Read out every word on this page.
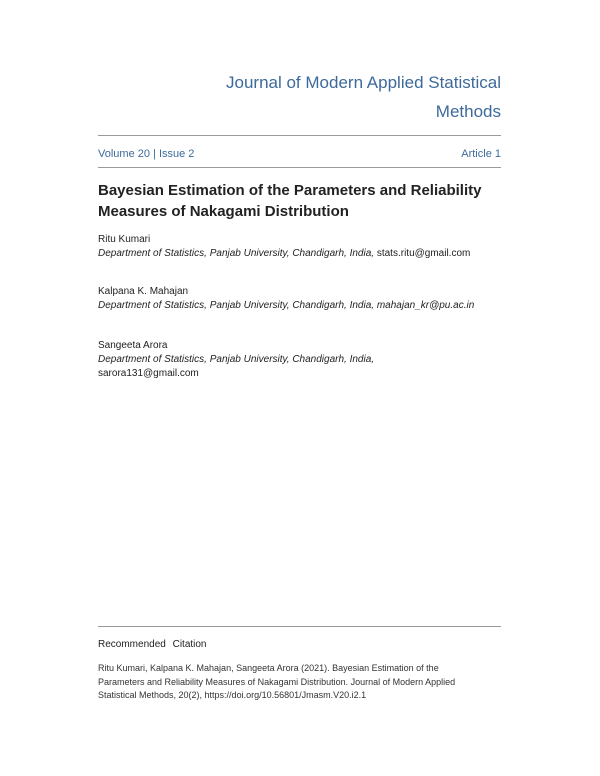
Journal of Modern Applied Statistical
Methods
Volume 20 | Issue 2	Article 1
Bayesian Estimation of the Parameters and Reliability
Measures of Nakagami Distribution
Ritu Kumari
Department of Statistics, Panjab University, Chandigarh, India, stats.ritu@gmail.com
Kalpana K. Mahajan
Department of Statistics, Panjab University, Chandigarh, India, mahajan_kr@pu.ac.in
Sangeeta Arora
Department of Statistics, Panjab University, Chandigarh, India,
sarora131@gmail.com
Recommended Citation
Ritu Kumari, Kalpana K. Mahajan, Sangeeta Arora (2021). Bayesian Estimation of the
Parameters and Reliability Measures of Nakagami Distribution. Journal of Modern Applied
Statistical Methods, 20(2), https://doi.org/10.56801/Jmasm.V20.i2.1
